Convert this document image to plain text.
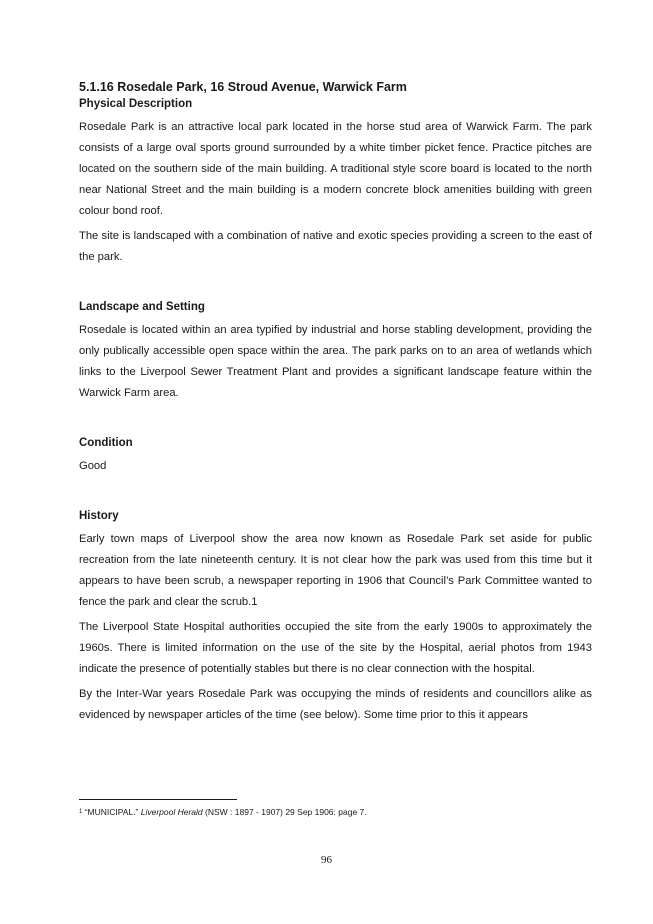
5.1.16 Rosedale Park, 16 Stroud Avenue, Warwick Farm
Physical Description

Rosedale Park is an attractive local park located in the horse stud area of Warwick Farm. The park consists of a large oval sports ground surrounded by a white timber picket fence. Practice pitches are located on the southern side of the main building. A traditional style score board is located to the north near National Street and the main building is a modern concrete block amenities building with green colour bond roof.

The site is landscaped with a combination of native and exotic species providing a screen to the east of the park.

Landscape and Setting

Rosedale is located within an area typified by industrial and horse stabling development, providing the only publically accessible open space within the area. The park parks on to an area of wetlands which links to the Liverpool Sewer Treatment Plant and provides a significant landscape feature within the Warwick Farm area.

Condition

Good

History

Early town maps of Liverpool show the area now known as Rosedale Park set aside for public recreation from the late nineteenth century. It is not clear how the park was used from this time but it appears to have been scrub, a newspaper reporting in 1906 that Council’s Park Committee wanted to fence the park and clear the scrub.1

The Liverpool State Hospital authorities occupied the site from the early 1900s to approximately the 1960s. There is limited information on the use of the site by the Hospital, aerial photos from 1943 indicate the presence of potentially stables but there is no clear connection with the hospital.

By the Inter-War years Rosedale Park was occupying the minds of residents and councillors alike as evidenced by newspaper articles of the time (see below). Some time prior to this it appears

$^1$ “MUNICIPAL.” Liverpool Herald (NSW : 1897 - 1907) 29 Sep 1906: page 7.
96
